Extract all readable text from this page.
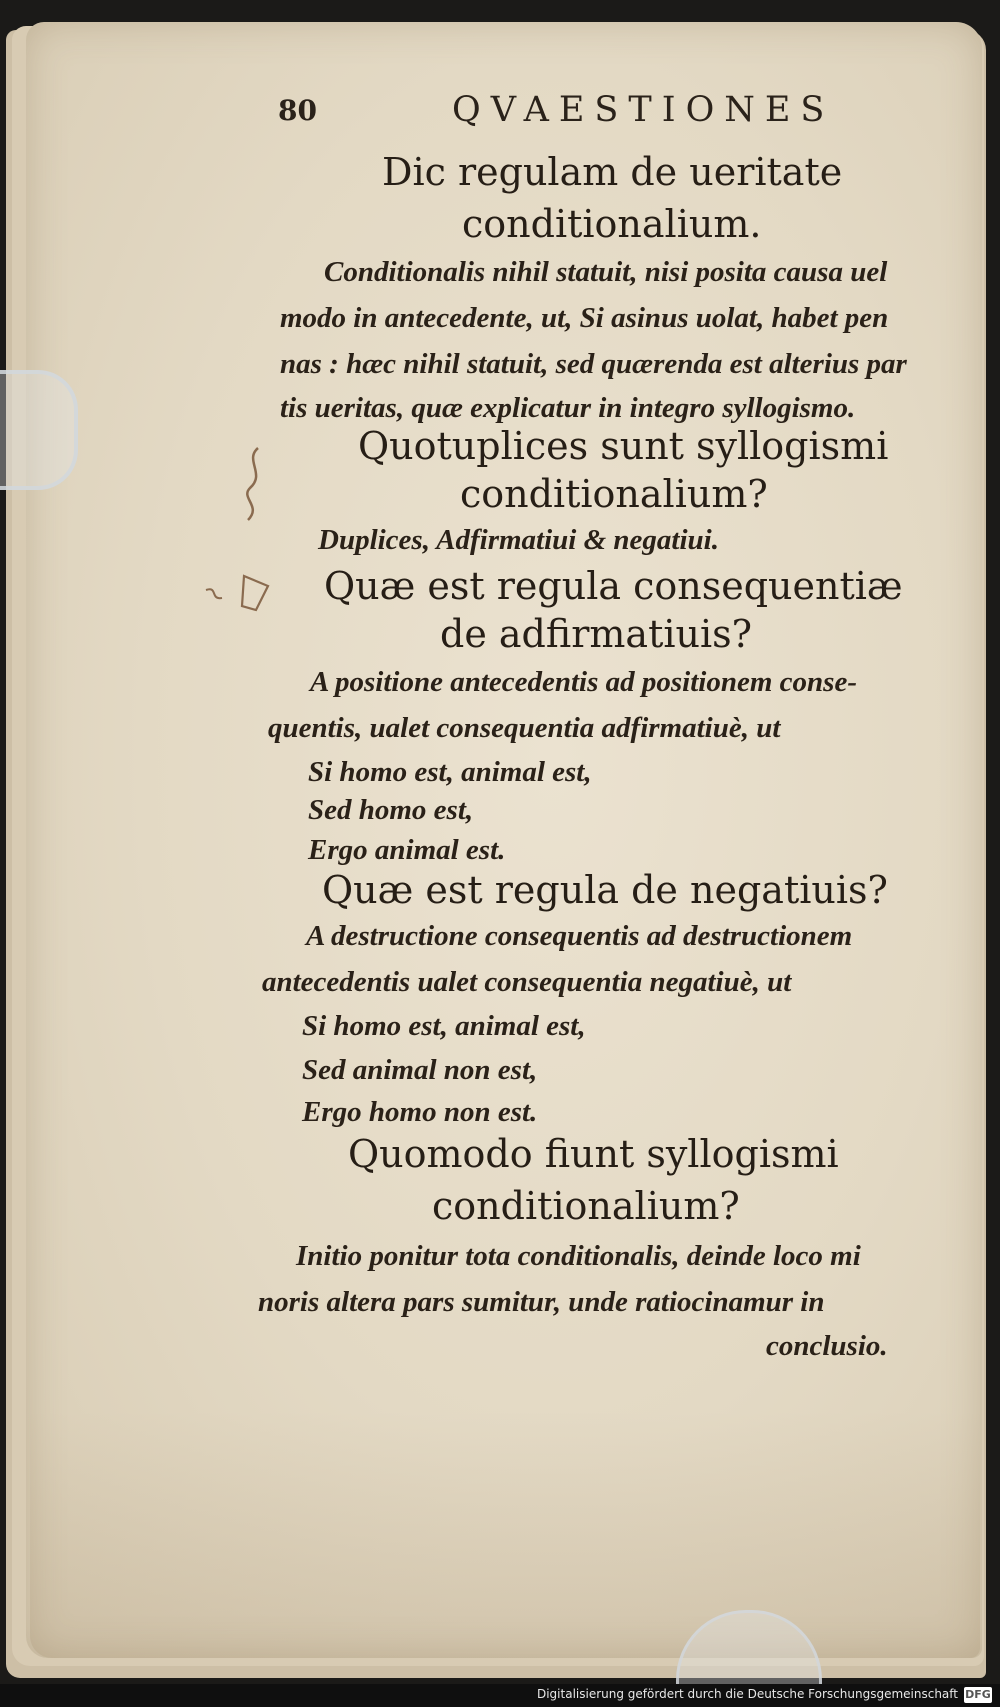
80	QVAESTIONES
Dic regulam de ueritate
conditionalium.
Conditionalis nihil statuit, nisi posita causa uel
modo in antecedente, ut, Si asinus uolat, habet pen
nas : hæc nihil statuit, sed quærenda est alterius par
tis ueritas, quæ explicatur in integro syllogismo.
Quotuplices sunt syllogismi
conditionalium?
Duplices, Adfirmatiui & negatiui.
Quæ est regula consequentiæ
de adfirmatiuis?
A positione antecedentis ad positionem conse-
quentis, ualet consequentia adfirmatiuè, ut
Si homo est, animal est,
Sed homo est,
Ergo animal est.
Quæ est regula de negatiuis?
A destructione consequentis ad destructionem
antecedentis ualet consequentia negatiuè, ut
Si homo est, animal est,
Sed animal non est,
Ergo homo non est.
Quomodo fiunt syllogismi
conditionalium?
Initio ponitur tota conditionalis, deinde loco mi
noris altera pars sumitur, unde ratiocinamur in
conclusio.
Digitalisierung gefördert durch die Deutsche Forschungsgemeinschaft DFG
